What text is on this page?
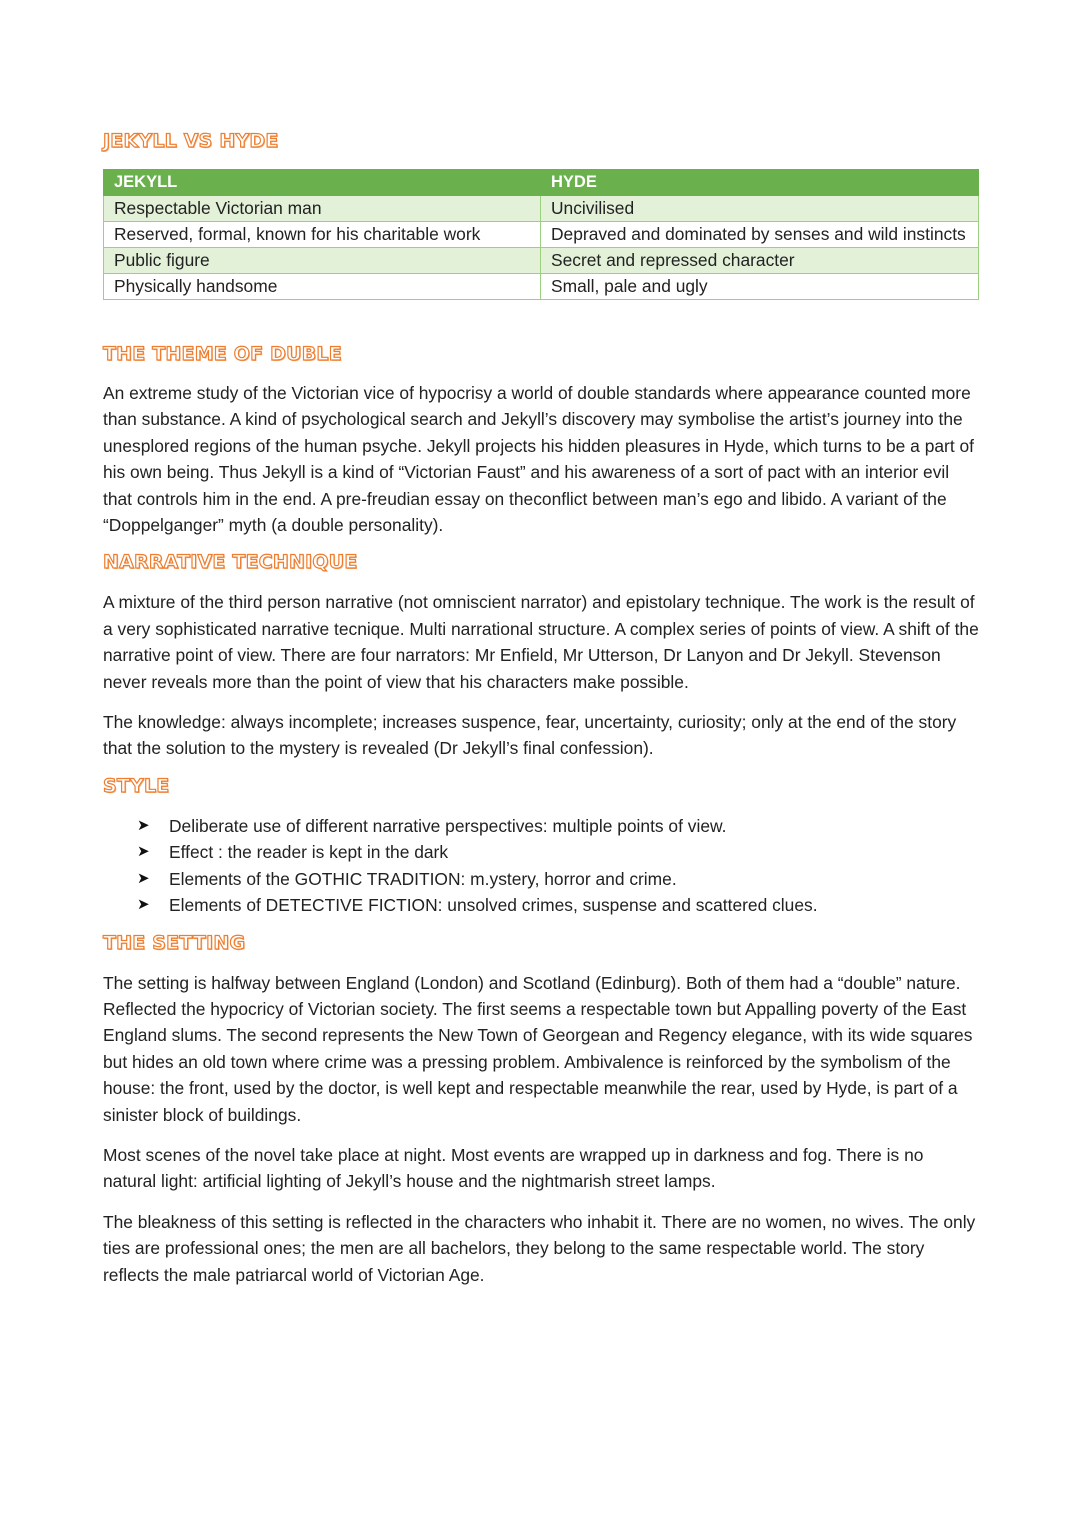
JEKYLL VS HYDE
JEKYLL	HYDE
Respectable Victorian man	Uncivilised
Reserved, formal, known for his charitable work	Depraved and dominated by senses and wild instincts
Public figure	Secret and repressed character
Physically handsome	Small, pale and ugly
THE THEME OF DUBLE

An extreme study of the Victorian vice of hypocrisy a world of double standards where appearance counted more than substance. A kind of psychological search and Jekyll’s discovery may symbolise the artist’s journey into the unesplored regions of the human psyche. Jekyll projects his hidden pleasures in Hyde, which turns to be a part of his own being. Thus Jekyll is a kind of “Victorian Faust” and his awareness of a sort of pact with an interior evil that controls him in the end. A pre-freudian essay on theconflict between man’s ego and libido. A variant of the “Doppelganger” myth (a double personality).

NARRATIVE TECHNIQUE

A mixture of the third person narrative (not omniscient narrator) and epistolary technique. The work is the result of a very sophisticated narrative tecnique. Multi narrational structure. A complex series of points of view. A shift of the narrative point of view. There are four narrators: Mr Enfield, Mr Utterson, Dr Lanyon and Dr Jekyll. Stevenson never reveals more than the point of view that his characters make possible.

The knowledge: always incomplete; increases suspence, fear, uncertainty, curiosity; only at the end of the story that the solution to the mystery is revealed (Dr Jekyll’s final confession).

STYLE
➤ Deliberate use of different narrative perspectives: multiple points of view.
➤ Effect : the reader is kept in the dark
➤ Elements of the GOTHIC TRADITION: m.ystery, horror and crime.
➤ Elements of DETECTIVE FICTION: unsolved crimes, suspense and scattered clues.
THE SETTING

The setting is halfway between England (London) and Scotland (Edinburg). Both of them had a “double” nature. Reflected the hypocricy of Victorian society. The first seems a respectable town but Appalling poverty of the East England slums. The second represents the New Town of Georgean and Regency elegance, with its wide squares but hides an old town where crime was a pressing problem. Ambivalence is reinforced by the symbolism of the house: the front, used by the doctor, is well kept and respectable meanwhile the rear, used by Hyde, is part of a sinister block of buildings.

Most scenes of the novel take place at night. Most events are wrapped up in darkness and fog. There is no natural light: artificial lighting of Jekyll’s house and the nightmarish street lamps.

The bleakness of this setting is reflected in the characters who inhabit it. There are no women, no wives. The only ties are professional ones; the men are all bachelors, they belong to the same respectable world. The story reflects the male patriarcal world of Victorian Age.
